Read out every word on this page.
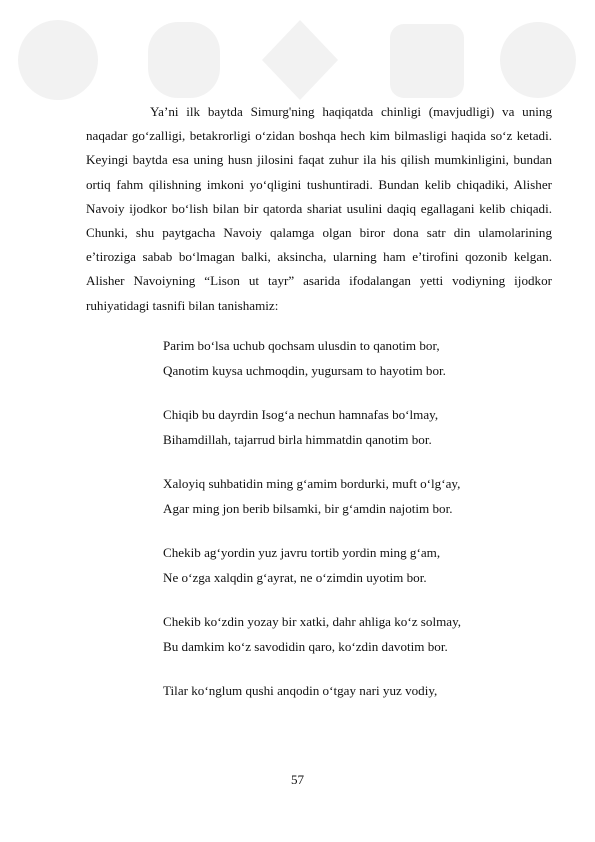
Ya’ni ilk baytda Simurg'ning haqiqatda chinligi (mavjudligi) va uning naqadar go‘zalligi, betakrorligi o‘zidan boshqa hech kim bilmasligi haqida so‘z ketadi. Keyingi baytda esa uning husn jilosini faqat zuhur ila his qilish mumkinligini, bundan ortiq fahm qilishning imkoni yo‘qligini tushuntiradi. Bundan kelib chiqadiki, Alisher Navoiy ijodkor bo‘lish bilan bir qatorda shariat usulini daqiq egallagani kelib chiqadi. Chunki, shu paytgacha Navoiy qalamga olgan biror dona satr din ulamolarining e’tiroziga sabab bo‘lmagan balki, aksincha, ularning ham e’tirofini qozonib kelgan. Alisher Navoiyning “Lison ut tayr” asarida ifodalangan yetti vodiyning ijodkor ruhiyatidagi tasnifi bilan tanishamiz:

Parim bo‘lsa uchub qochsam ulusdin to qanotim bor,
Qanotim kuysa uchmoqdin, yugursam to hayotim bor.
Chiqib bu dayrdin Isog‘a nechun hamnafas bo‘lmay,
Bihamdillah, tajarrud birla himmatdin qanotim bor.
Xaloyiq suhbatidin ming g‘amim bordurki, muft o‘lg‘ay,
Agar ming jon berib bilsamki, bir g‘amdin najotim bor.
Chekib ag‘yordin yuz javru tortib yordin ming g‘am,
Ne o‘zga xalqdin g‘ayrat, ne o‘zimdin uyotim bor.
Chekib ko‘zdin yozay bir xatki, dahr ahliga ko‘z solmay,
Bu damkim ko‘z savodidin qaro, ko‘zdin davotim bor.
Tilar ko‘nglum qushi anqodin o‘tgay nari yuz vodiy,
57
